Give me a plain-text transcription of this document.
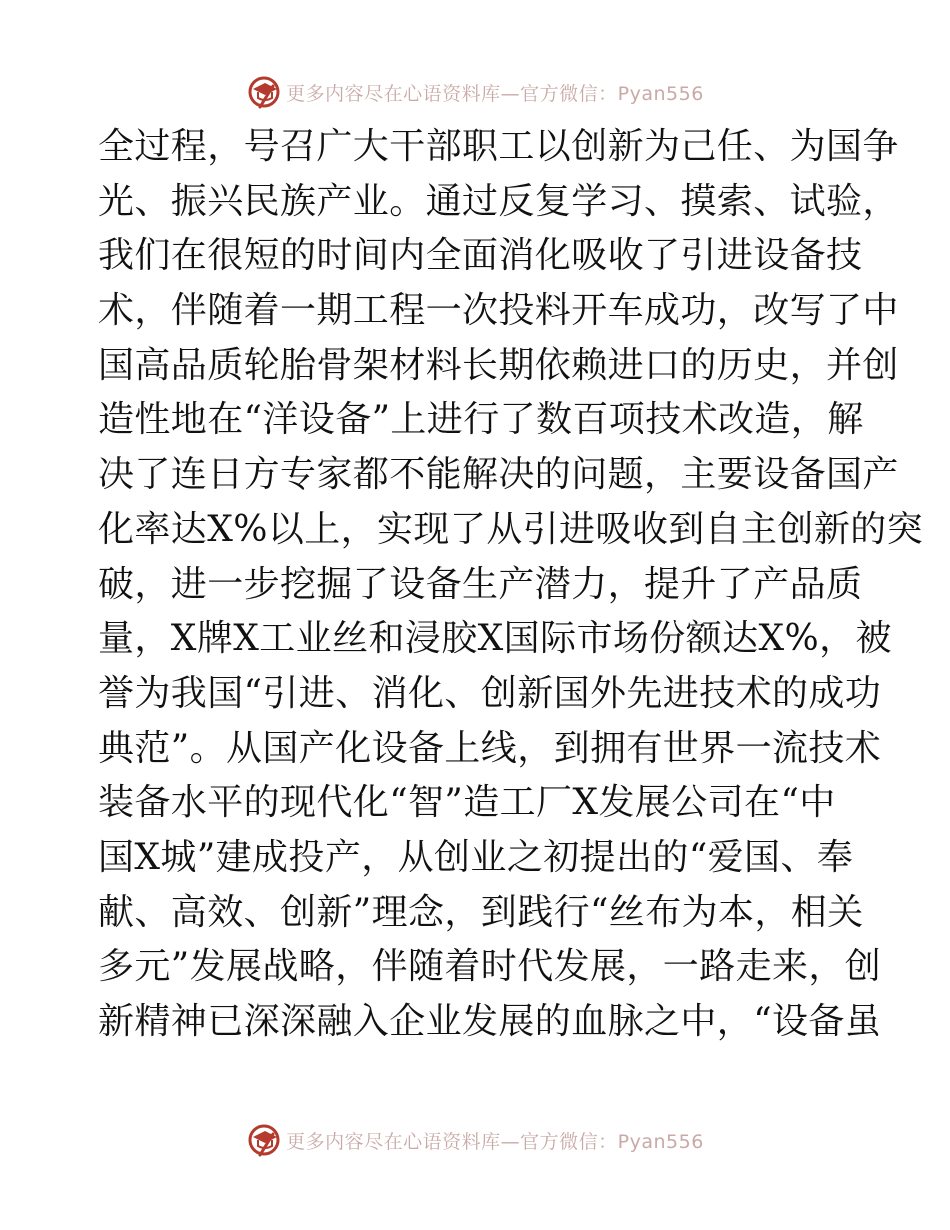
更多内容尽在心语资料库—官方微信：Pyan556
全过程，号召广大干部职工以创新为己任、为国争
光、振兴民族产业。通过反复学习、摸索、试验，
我们在很短的时间内全面消化吸收了引进设备技
术，伴随着一期工程一次投料开车成功，改写了中
国高品质轮胎骨架材料长期依赖进口的历史，并创
造性地在“洋设备”上进行了数百项技术改造，解
决了连日方专家都不能解决的问题，主要设备国产
化率达X%以上，实现了从引进吸收到自主创新的突
破，进一步挖掘了设备生产潜力，提升了产品质
量，X牌X工业丝和浸胶X国际市场份额达X%，被
誉为我国“引进、消化、创新国外先进技术的成功
典范”。从国产化设备上线，到拥有世界一流技术
装备水平的现代化“智”造工厂X发展公司在“中
国X城”建成投产，从创业之初提出的“爱国、奉
献、高效、创新”理念，到践行“丝布为本，相关
多元”发展战略，伴随着时代发展，一路走来，创
新精神已深深融入企业发展的血脉之中，“设备虽
更多内容尽在心语资料库—官方微信：Pyan556
